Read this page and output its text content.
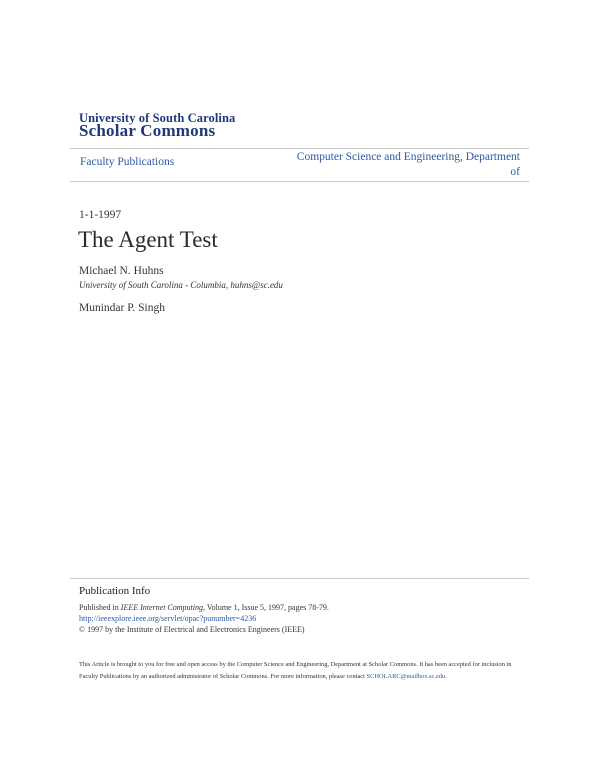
University of South Carolina
Scholar Commons
Faculty Publications	Computer Science and Engineering, Department of
1-1-1997
The Agent Test
Michael N. Huhns
University of South Carolina - Columbia, huhns@sc.edu
Munindar P. Singh
Publication Info
Published in IEEE Internet Computing, Volume 1, Issue 5, 1997, pages 78-79.
http://ieeexplore.ieee.org/servlet/opac?punumber=4236
© 1997 by the Institute of Electrical and Electronics Engineers (IEEE)
This Article is brought to you for free and open access by the Computer Science and Engineering, Department at Scholar Commons. It has been accepted for inclusion in Faculty Publications by an authorized administrator of Scholar Commons. For more information, please contact SCHOLARC@mailbox.sc.edu.
